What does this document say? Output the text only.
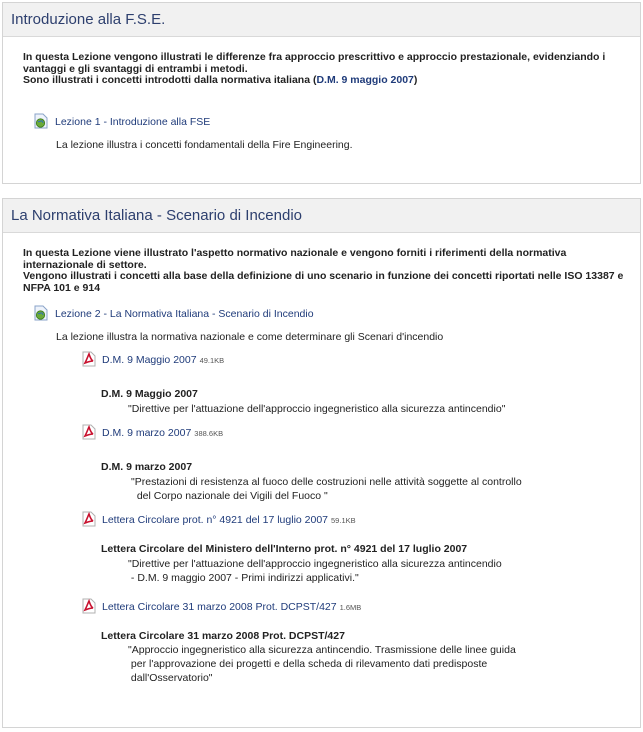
Introduzione alla F.S.E.
In questa Lezione vengono illustrati le differenze fra approccio prescrittivo e approccio prestazionale, evidenziando i vantaggi e gli svantaggi di entrambi i metodi.
Sono illustrati i concetti introdotti dalla normativa italiana (D.M. 9 maggio 2007)
Lezione 1 - Introduzione alla FSE
La lezione illustra i concetti fondamentali della Fire Engineering.
La Normativa Italiana - Scenario di Incendio
In questa Lezione viene illustrato l'aspetto normativo nazionale e vengono forniti i riferimenti della normativa internazionale di settore.
Vengono illustrati i concetti alla base della definizione di uno scenario in funzione dei concetti riportati nelle ISO 13387 e NFPA 101 e 914
Lezione 2 - La Normativa Italiana - Scenario di Incendio
La lezione illustra la normativa nazionale e come determinare gli Scenari d'incendio
D.M. 9 Maggio 2007 49.1KB
D.M. 9 Maggio 2007
"Direttive per l'attuazione dell'approccio ingegneristico alla sicurezza antincendio"
D.M. 9 marzo 2007 388.6KB
D.M. 9 marzo 2007
"Prestazioni di resistenza al fuoco delle costruzioni nelle attività soggette al controllo
del Corpo nazionale dei Vigili del Fuoco "
Lettera Circolare prot. n° 4921 del 17 luglio 2007 59.1KB
Lettera Circolare del Ministero dell'Interno prot. n° 4921 del 17 luglio 2007
"Direttive per l'attuazione dell'approccio ingegneristico alla sicurezza antincendio
- D.M. 9 maggio 2007 - Primi indirizzi applicativi."
Lettera Circolare 31 marzo 2008 Prot. DCPST/427 1.6MB
Lettera Circolare 31 marzo 2008 Prot. DCPST/427
"Approccio ingegneristico alla sicurezza antincendio. Trasmissione delle linee guida
per l'approvazione dei progetti e della scheda di rilevamento dati predisposte
dall'Osservatorio"
